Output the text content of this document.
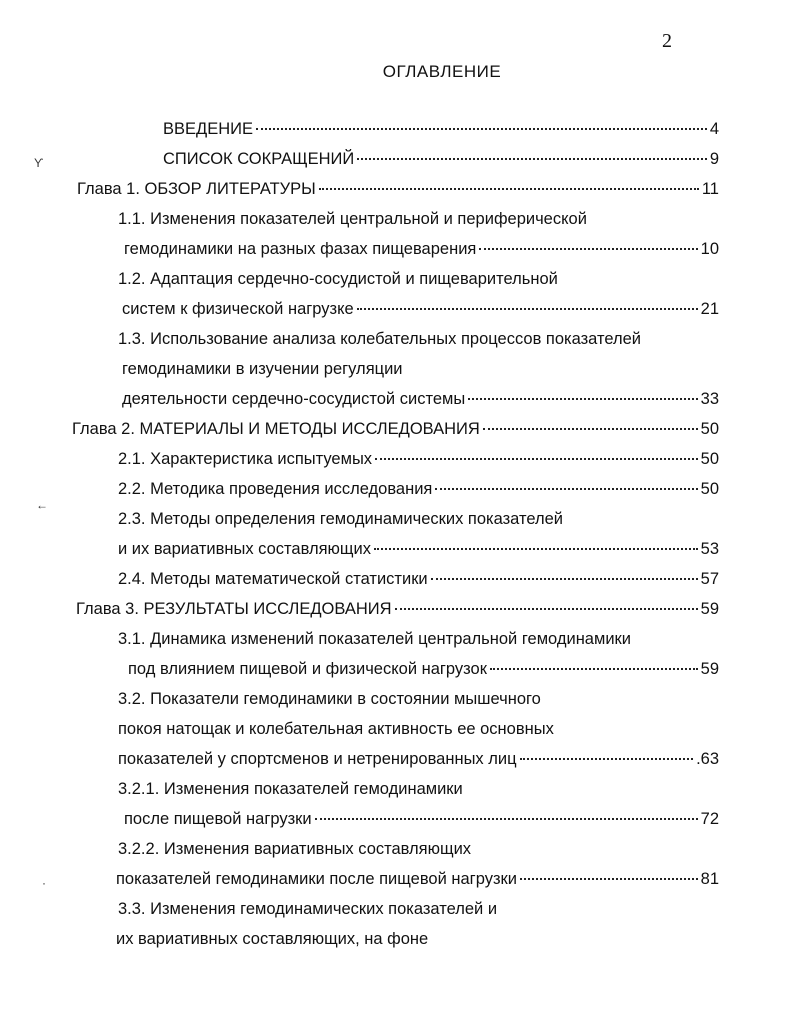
2
ОГЛАВЛЕНИЕ
ϒ
←
·
ВВЕДЕНИЕ	4
СПИСОК СОКРАЩЕНИЙ	9
Глава 1. ОБЗОР ЛИТЕРАТУРЫ	11
1.1. Изменения показателей центральной и периферической
гемодинамики на разных фазах пищеварения	10
1.2. Адаптация сердечно-сосудистой и пищеварительной
систем к физической нагрузке	21
1.3. Использование анализа колебательных процессов показателей
гемодинамики в изучении регуляции
деятельности сердечно-сосудистой системы	33
Глава 2. МАТЕРИАЛЫ И МЕТОДЫ ИССЛЕДОВАНИЯ	50
2.1. Характеристика испытуемых	50
2.2. Методика проведения исследования	50
2.3. Методы определения гемодинамических показателей
и их вариативных составляющих	53
2.4. Методы математической статистики	57
Глава 3. РЕЗУЛЬТАТЫ ИССЛЕДОВАНИЯ	59
3.1. Динамика изменений показателей центральной гемодинамики
под влиянием пищевой и физической нагрузок	59
3.2. Показатели гемодинамики в состоянии мышечного
покоя натощак и колебательная активность ее основных
показателей у спортсменов и нетренированных лиц	.63
3.2.1. Изменения показателей гемодинамики
после пищевой нагрузки	72
3.2.2. Изменения вариативных составляющих
показателей гемодинамики после пищевой нагрузки	81
3.3. Изменения гемодинамических показателей и
их вариативных составляющих, на фоне
